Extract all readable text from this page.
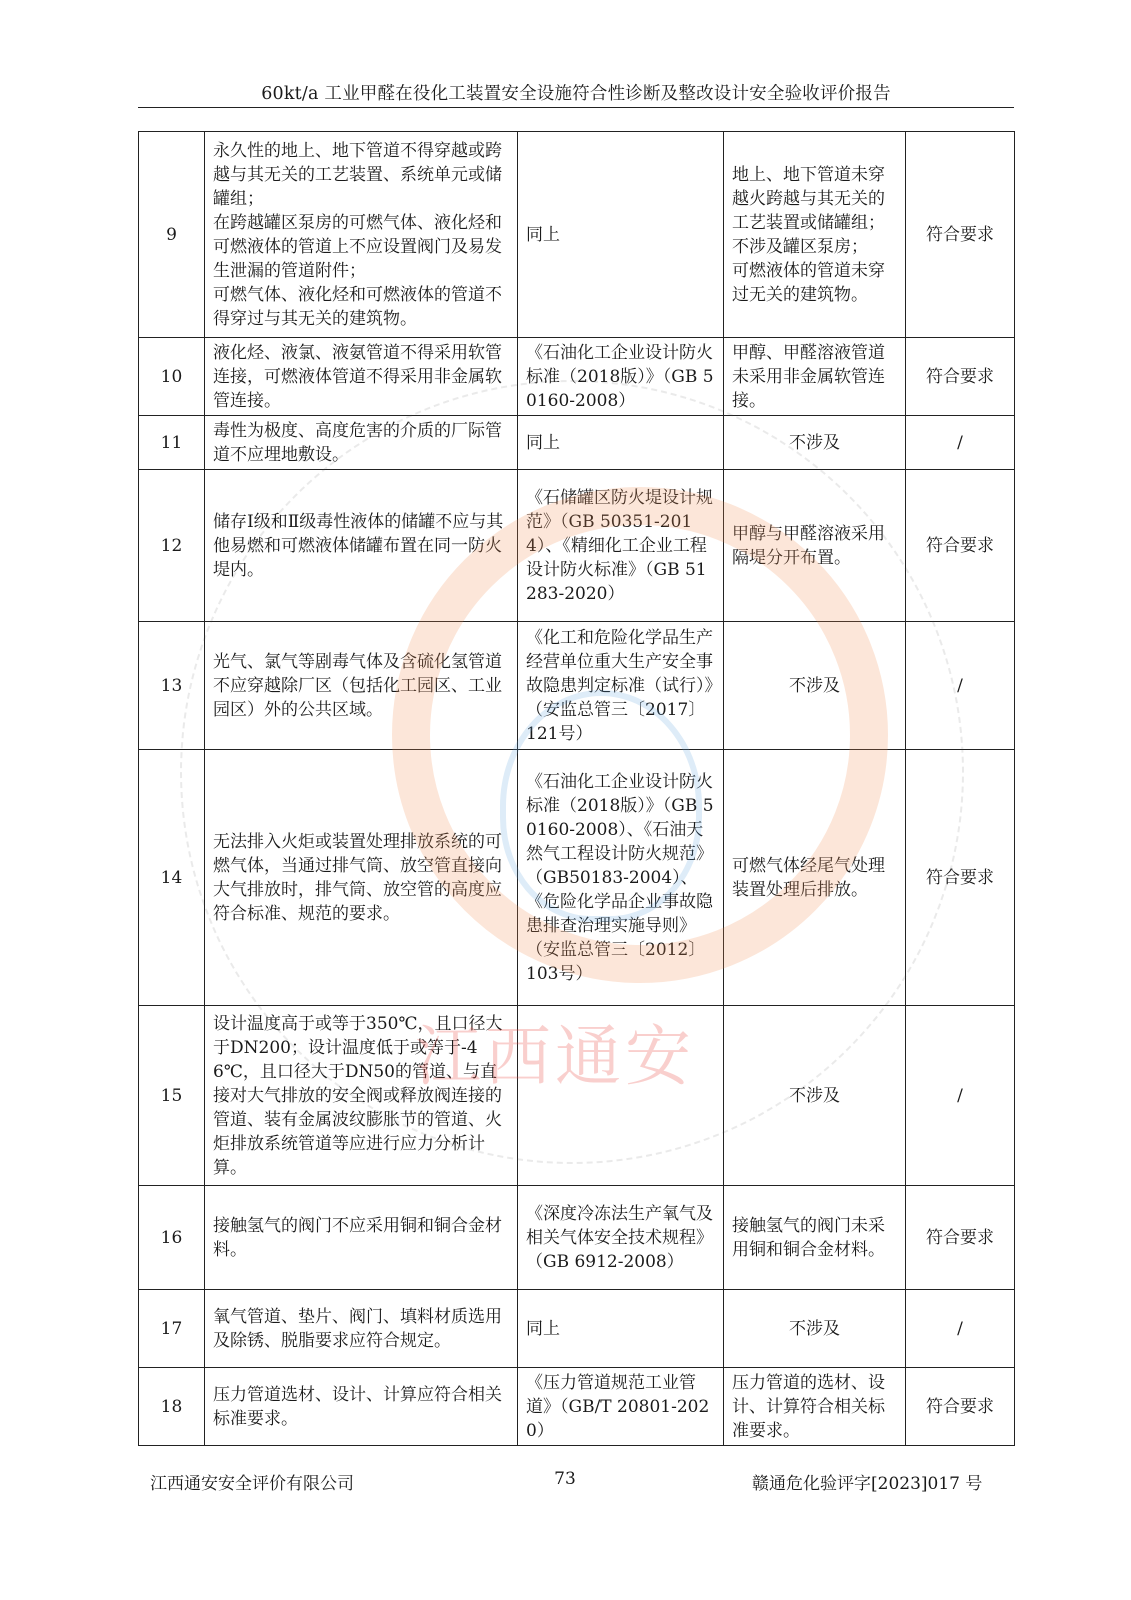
60kt/a 工业甲醛在役化工装置安全设施符合性诊断及整改设计安全验收评价报告
9	永久性的地上、地下管道不得穿越或跨越与其无关的工艺装置、系统单元或储罐组；
在跨越罐区泵房的可燃气体、液化烃和可燃液体的管道上不应设置阀门及易发生泄漏的管道附件；
可燃气体、液化烃和可燃液体的管道不得穿过与其无关的建筑物。	同上	地上、地下管道未穿越火跨越与其无关的工艺装置或储罐组；
不涉及罐区泵房；
可燃液体的管道未穿过无关的建筑物。	符合要求
10	液化烃、液氯、液氨管道不得采用软管连接，可燃液体管道不得采用非金属软管连接。	《石油化工企业设计防火标准（2018版）》（GB 50160-2008）	甲醇、甲醛溶液管道未采用非金属软管连接。	符合要求
11	毒性为极度、高度危害的介质的厂际管道不应埋地敷设。	同上	不涉及	/
12	储存Ⅰ级和Ⅱ级毒性液体的储罐不应与其他易燃和可燃液体储罐布置在同一防火堤内。	《石储罐区防火堤设计规范》（GB 50351-2014）、《精细化工企业工程设计防火标准》（GB 51283-2020）	甲醇与甲醛溶液采用隔堤分开布置。	符合要求
13	光气、氯气等剧毒气体及含硫化氢管道不应穿越除厂区（包括化工园区、工业园区）外的公共区域。	《化工和危险化学品生产经营单位重大生产安全事故隐患判定标准（试行）》（安监总管三〔2017〕121号）	不涉及	/
14	无法排入火炬或装置处理排放系统的可燃气体，当通过排气筒、放空管直接向大气排放时，排气筒、放空管的高度应符合标准、规范的要求。	《石油化工企业设计防火标准（2018版）》（GB 50160-2008）、《石油天然气工程设计防火规范》（GB50183-2004）、《危险化学品企业事故隐患排查治理实施导则》（安监总管三〔2012〕103号）	可燃气体经尾气处理装置处理后排放。	符合要求
15	设计温度高于或等于350℃，且口径大于DN200；设计温度低于或等于-46℃，且口径大于DN50的管道、与直接对大气排放的安全阀或释放阀连接的管道、装有金属波纹膨胀节的管道、火炬排放系统管道等应进行应力分析计算。		不涉及	/
16	接触氢气的阀门不应采用铜和铜合金材料。	《深度冷冻法生产氧气及相关气体安全技术规程》（GB 6912-2008）	接触氢气的阀门未采用铜和铜合金材料。	符合要求
17	氧气管道、垫片、阀门、填料材质选用及除锈、脱脂要求应符合规定。	同上	不涉及	/
18	压力管道选材、设计、计算应符合相关标准要求。	《压力管道规范工业管道》（GB/T 20801-2020）	压力管道的选材、设计、计算符合相关标准要求。	符合要求
江西通安
江西通安安全评价有限公司	73	赣通危化验评字[2023]017 号
